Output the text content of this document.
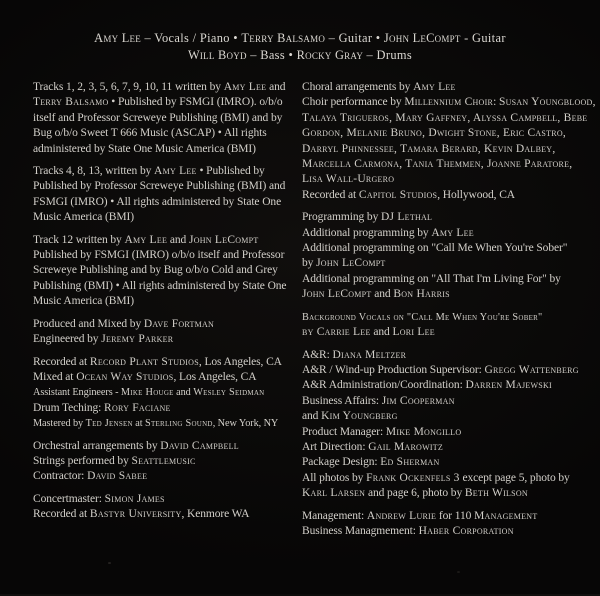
Amy Lee – Vocals / Piano • Terry Balsamo – Guitar • John LeCompt - Guitar
Will Boyd – Bass • Rocky Gray – Drums
Tracks 1, 2, 3, 5, 6, 7, 9, 10, 11 written by Amy Lee and Terry Balsamo • Published by FSMGI (IMRO). o/b/o itself and Professor Screweye Publishing (BMI) and by Bug o/b/o Sweet T 666 Music (ASCAP) • All rights administered by State One Music America (BMI)
Tracks 4, 8, 13, written by Amy Lee • Published by Published by Professor Screweye Publishing (BMI) and FSMGI (IMRO) • All rights administered by State One Music America (BMI)
Track 12 written by Amy Lee and John LeCompt
Published by FSMGI (IMRO) o/b/o itself and Professor Screweye Publishing and by Bug o/b/o Cold and Grey Publishing (BMI) • All rights administered by State One Music America (BMI)
Produced and Mixed by Dave Fortman
Engineered by Jeremy Parker
Recorded at Record Plant Studios, Los Angeles, CA
Mixed at Ocean Way Studios, Los Angeles, CA
Assistant Engineers - Mike Houge and Wesley Seidman
Drum Teching: Rory Faciane
Mastered by Ted Jensen at Sterling Sound, New York, NY
Orchestral arrangements by David Campbell
Strings performed by Seattlemusic
Contractor: David Sabee
Concertmaster: Simon James
Recorded at Bastyr University, Kenmore WA
Choral arrangements by Amy Lee
Choir performance by Millennium Choir: Susan Youngblood, Talaya Trigueros, Mary Gaffney, Alyssa Campbell, Bebe Gordon, Melanie Bruno, Dwight Stone, Eric Castro, Darryl Phinnessee, Tamara Berard, Kevin Dalbey, Marcella Carmona, Tania Themmen, Joanne Paratore, Lisa Wall-Urgero
Recorded at Capitol Studios, Hollywood, CA
Programming by DJ Lethal
Additional programming by Amy Lee
Additional programming on "Call Me When You're Sober"
by John LeCompt
Additional programming on "All That I'm Living For" by
John LeCompt and Bon Harris
Background Vocals on "Call Me When You're Sober"
by Carrie Lee and Lori Lee
A&R: Diana Meltzer
A&R / Wind-up Production Supervisor: Gregg Wattenberg
A&R Administration/Coordination: Darren Majewski
Business Affairs: Jim Cooperman
and Kim Youngberg
Product Manager: Mike Mongillo
Art Direction: Gail Marowitz
Package Design: Ed Sherman
All photos by Frank Ockenfels 3 except page 5, photo by Karl Larsen and page 6, photo by Beth Wilson
Management: Andrew Lurie for 110 Management
Business Managmement: Haber Corporation
